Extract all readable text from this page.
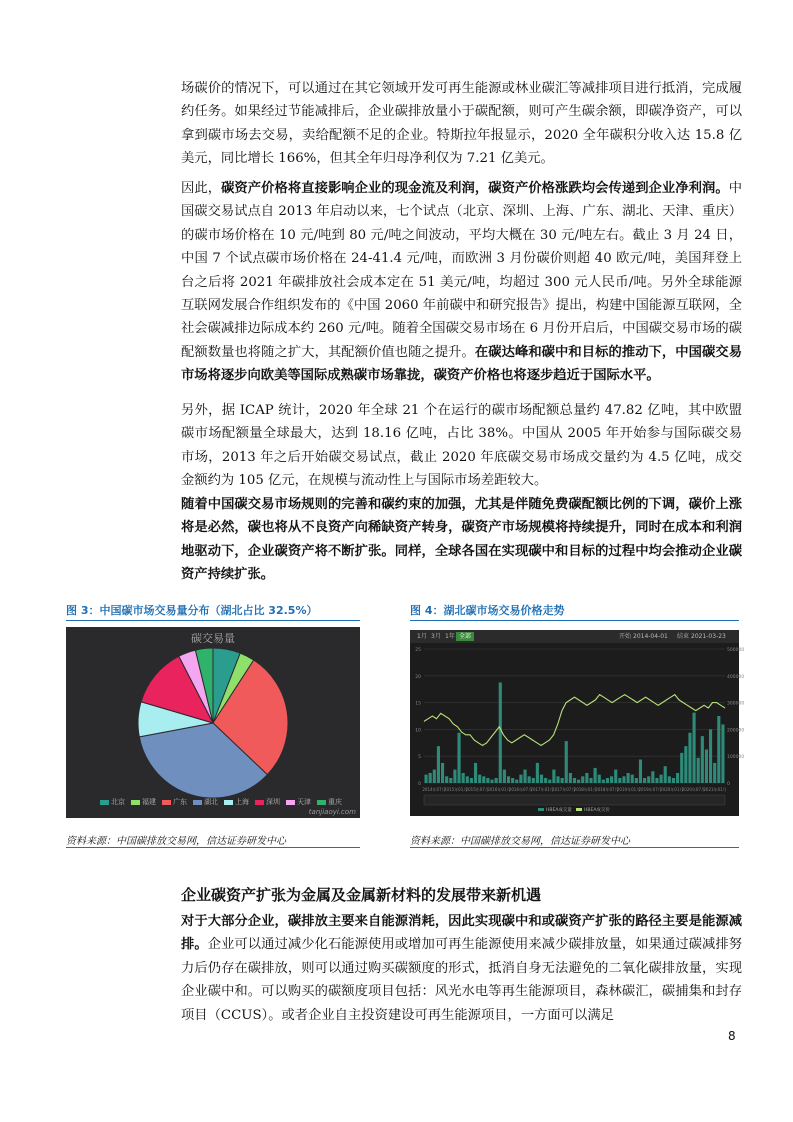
场碳价的情况下，可以通过在其它领域开发可再生能源或林业碳汇等减排项目进行抵消，完成履约任务。如果经过节能减排后，企业碳排放量小于碳配额，则可产生碳余额，即碳净资产，可以拿到碳市场去交易，卖给配额不足的企业。特斯拉年报显示，2020 全年碳积分收入达 15.8 亿美元，同比增长 166%，但其全年归母净利仅为 7.21 亿美元。

因此，碳资产价格将直接影响企业的现金流及利润，碳资产价格涨跌均会传递到企业净利润。中国碳交易试点自 2013 年启动以来，七个试点（北京、深圳、上海、广东、湖北、天津、重庆）的碳市场价格在 10 元/吨到 80 元/吨之间波动，平均大概在 30 元/吨左右。截止 3 月 24 日，中国 7 个试点碳市场价格在 24-41.4 元/吨，而欧洲 3 月份碳价则超 40 欧元/吨，美国拜登上台之后将 2021 年碳排放社会成本定在 51 美元/吨，均超过 300 元人民币/吨。另外全球能源互联网发展合作组织发布的《中国 2060 年前碳中和研究报告》提出，构建中国能源互联网，全社会碳减排边际成本约 260 元/吨。随着全国碳交易市场在 6 月份开启后，中国碳交易市场的碳配额数量也将随之扩大，其配额价值也随之提升。在碳达峰和碳中和目标的推动下，中国碳交易市场将逐步向欧美等国际成熟碳市场靠拢，碳资产价格也将逐步趋近于国际水平。

另外，据 ICAP 统计，2020 年全球 21 个在运行的碳市场配额总量约 47.82 亿吨，其中欧盟碳市场配额量全球最大，达到 18.16 亿吨，占比 38%。中国从 2005 年开始参与国际碳交易市场，2013 年之后开始碳交易试点，截止 2020 年底碳交易市场成交量约为 4.5 亿吨，成交金额约为 105 亿元，在规模与流动性上与国际市场差距较大。

随着中国碳交易市场规则的完善和碳约束的加强，尤其是伴随免费碳配额比例的下调，碳价上涨将是必然，碳也将从不良资产向稀缺资产转身，碳资产市场规模将持续提升，同时在成本和利润地驱动下，企业碳资产将不断扩张。同样，全球各国在实现碳中和目标的过程中均会推动企业碳资产持续扩张。

图 3：中国碳市场交易量分布（湖北占比 32.5%）	图 4：湖北碳市场交易价格走势
碳交易量
北京 福建 广东 湖北 上海 深圳 天津 重庆
tanjiaoyi.com
1月 3月 1年 全部	开始 2014-04-01	结束 2021-03-23
0
5
10
15
20
25
0
100000
200000
300000
400000
500000
2014年07月
2015年01月
2015年07月
2016年01月
2016年07月
2017年01月
2017年07月
2018年01月
2018年07月
2019年01月
2019年07月
2020年01月
2020年07月
2021年01月
HBEA成交量	HBEA成交价
资料来源：中国碳排放交易网，信达证券研发中心	资料来源：中国碳排放交易网，信达证券研发中心
企业碳资产扩张为金属及金属新材料的发展带来新机遇

对于大部分企业，碳排放主要来自能源消耗，因此实现碳中和或碳资产扩张的路径主要是能源减排。企业可以通过减少化石能源使用或增加可再生能源使用来减少碳排放量，如果通过碳减排努力后仍存在碳排放，则可以通过购买碳额度的形式，抵消自身无法避免的二氧化碳排放量，实现企业碳中和。可以购买的碳额度项目包括：风光水电等再生能源项目，森林碳汇，碳捕集和封存项目（CCUS）。或者企业自主投资建设可再生能源项目，一方面可以满足

8
